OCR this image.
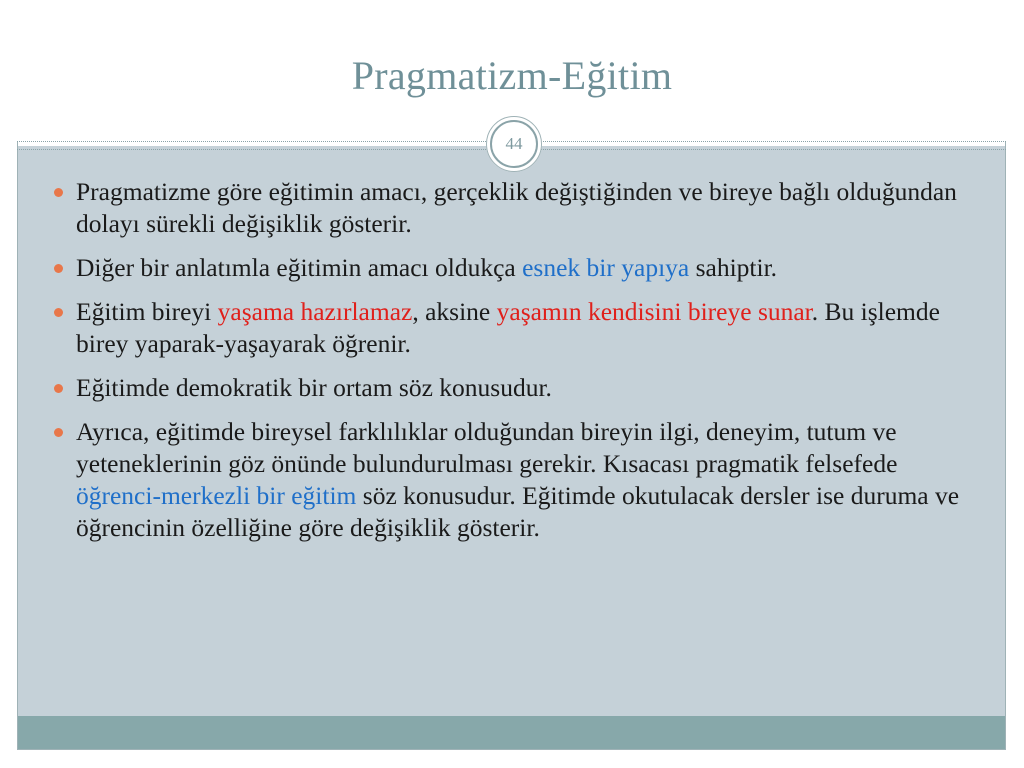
Pragmatizm-Eğitim
44
Pragmatizme göre eğitimin amacı, gerçeklik değiştiğinden ve bireye bağlı olduğundan dolayı sürekli değişiklik gösterir.
Diğer bir anlatımla eğitimin amacı oldukça esnek bir yapıya sahiptir.
Eğitim bireyi yaşama hazırlamaz, aksine yaşamın kendisini bireye sunar. Bu işlemde birey yaparak-yaşayarak öğrenir.
Eğitimde demokratik bir ortam söz konusudur.
Ayrıca, eğitimde bireysel farklılıklar olduğundan bireyin ilgi, deneyim, tutum ve yeteneklerinin göz önünde bulundurulması gerekir. Kısacası pragmatik felsefede öğrenci-merkezli bir eğitim söz konusudur. Eğitimde okutulacak dersler ise duruma ve öğrencinin özelliğine göre değişiklik gösterir.
